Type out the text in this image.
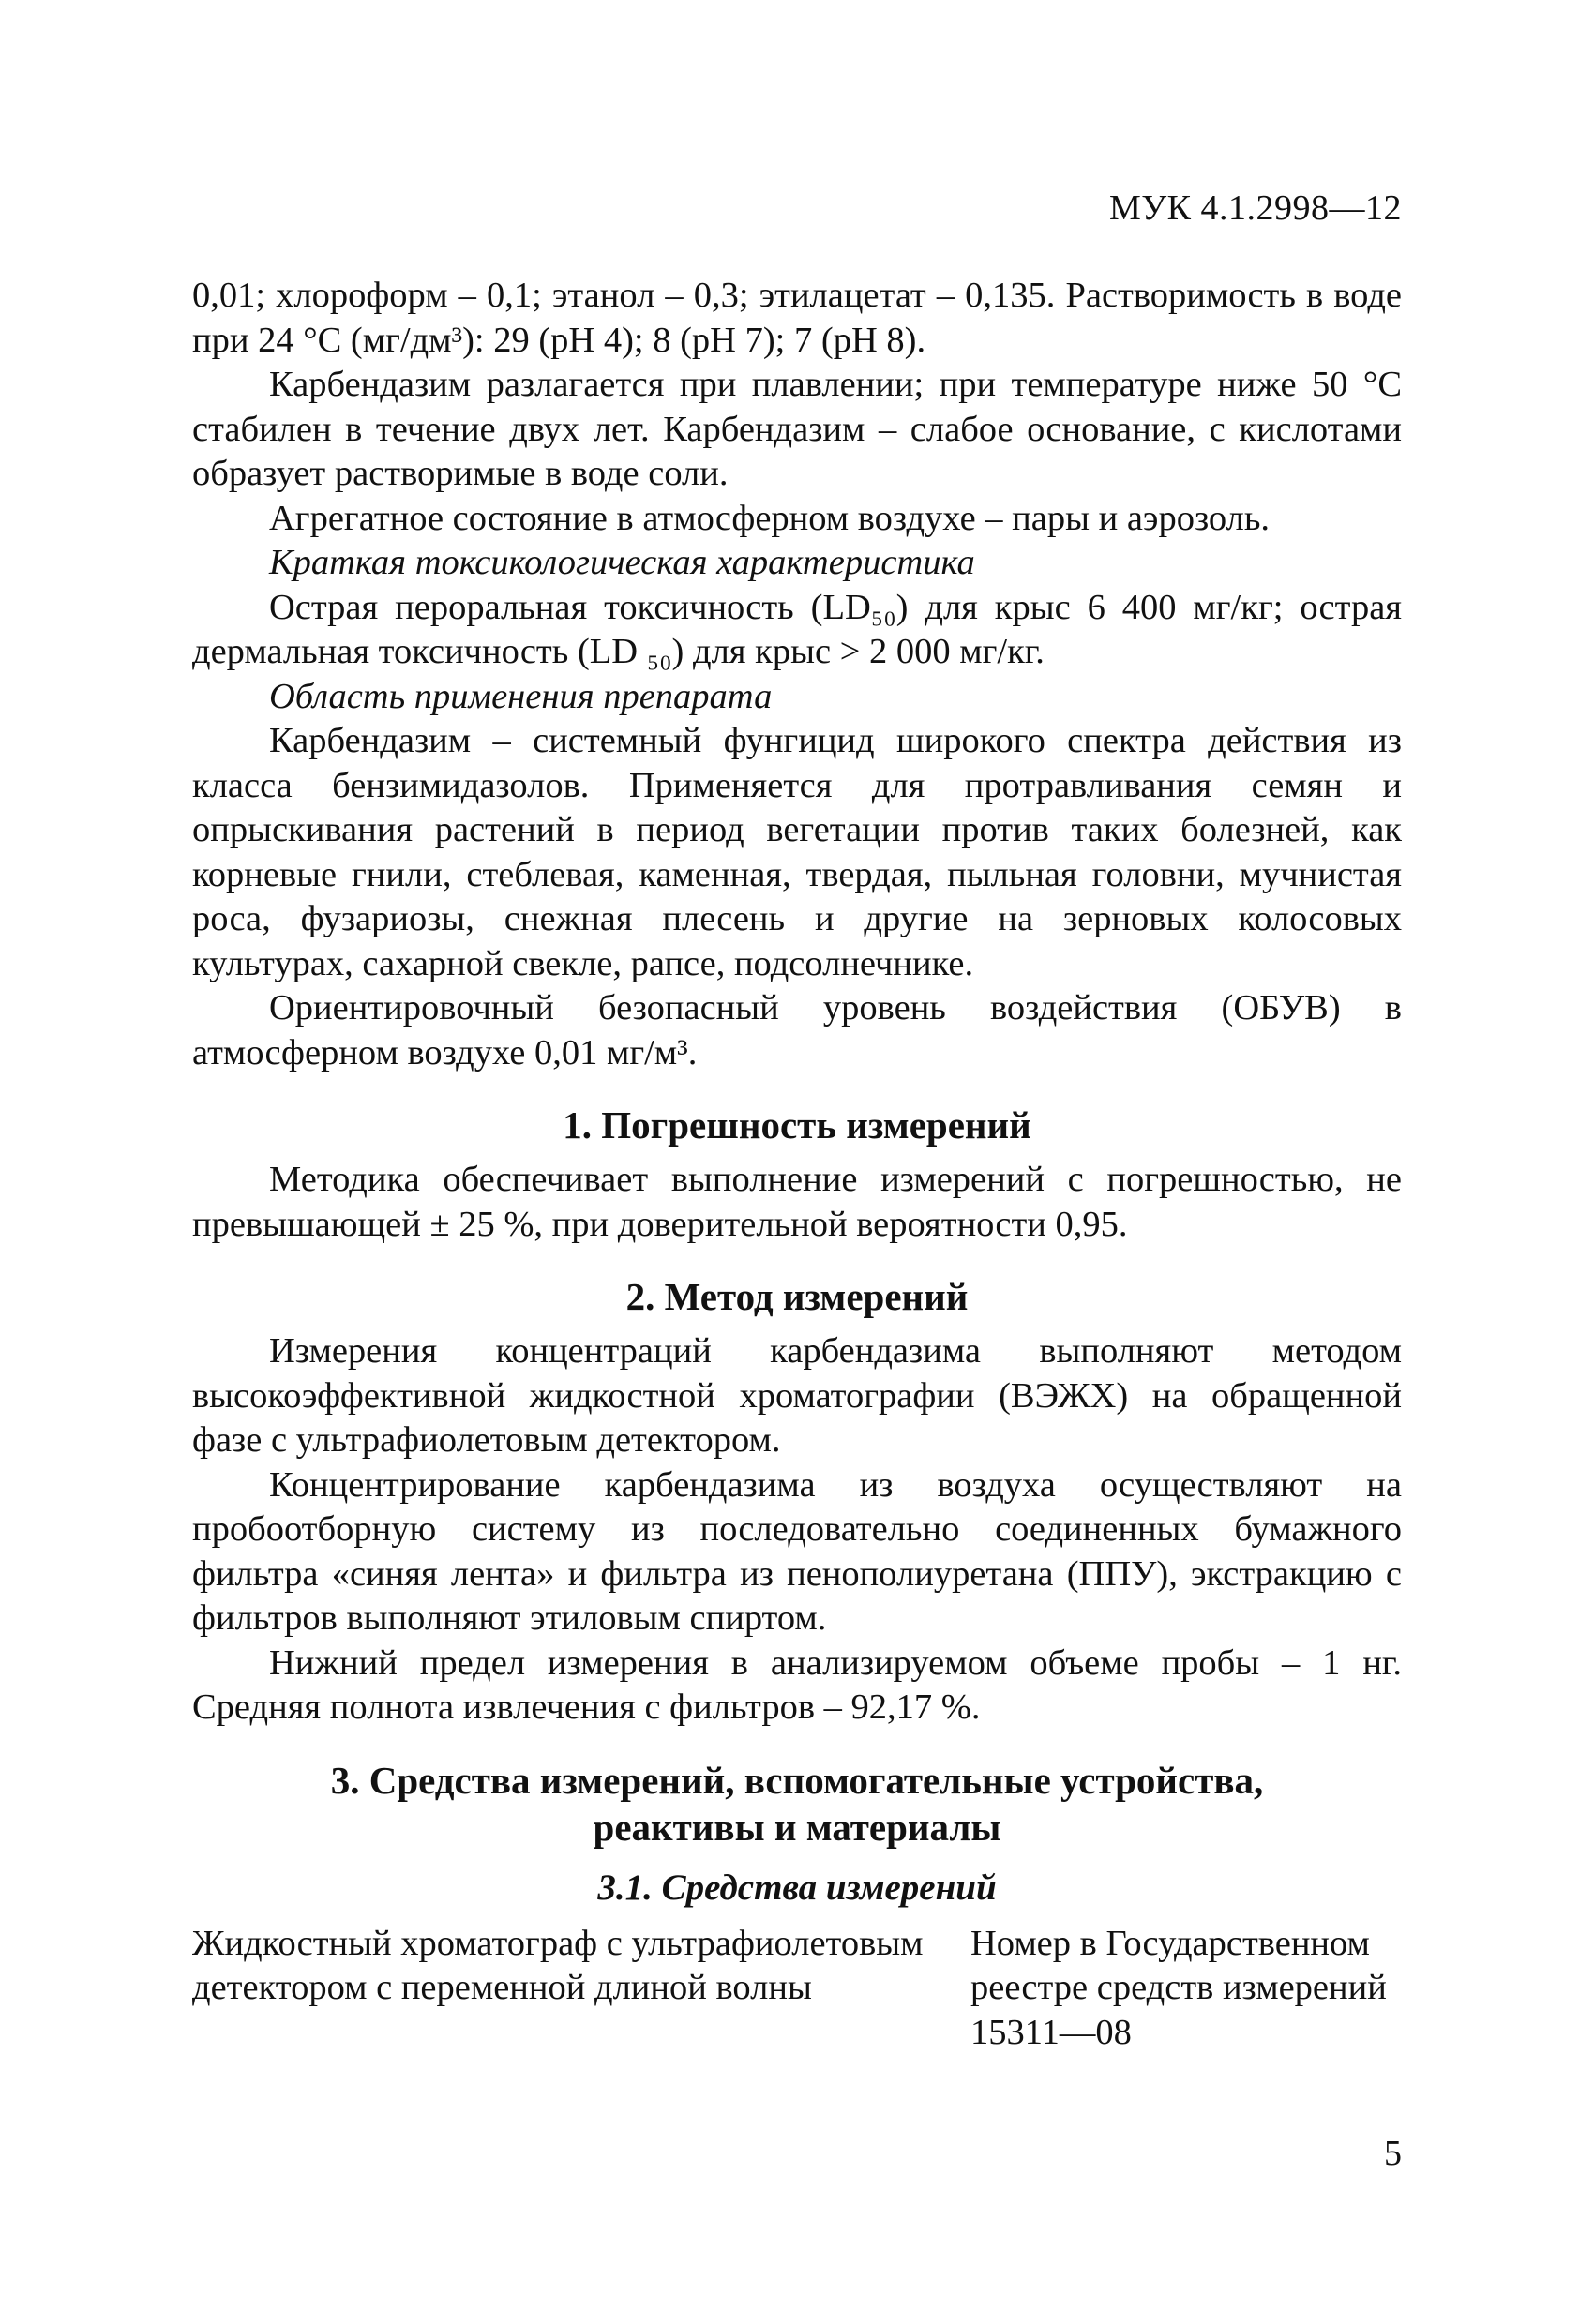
МУК 4.1.2998—12

0,01; хлороформ – 0,1; этанол – 0,3; этилацетат – 0,135. Растворимость в воде при 24 °С (мг/дм³): 29 (рН 4); 8 (рН 7); 7 (рН 8).

Карбендазим разлагается при плавлении; при температуре ниже 50 °С стабилен в течение двух лет. Карбендазим – слабое основание, с кислотами образует растворимые в воде соли.

Агрегатное состояние в атмосферном воздухе – пары и аэрозоль.

Краткая токсикологическая характеристика

Острая пероральная токсичность (LD₅₀) для крыс 6 400 мг/кг; острая дермальная токсичность (LD ₅₀) для крыс > 2 000 мг/кг.

Область применения препарата

Карбендазим – системный фунгицид широкого спектра действия из класса бензимидазолов. Применяется для протравливания семян и опрыскивания растений в период вегетации против таких болезней, как корневые гнили, стеблевая, каменная, твердая, пыльная головни, мучнистая роса, фузариозы, снежная плесень и другие на зерновых колосовых культурах, сахарной свекле, рапсе, подсолнечнике.

Ориентировочный безопасный уровень воздействия (ОБУВ) в атмосферном воздухе 0,01 мг/м³.

1. Погрешность измерений

Методика обеспечивает выполнение измерений с погрешностью, не превышающей ± 25 %, при доверительной вероятности 0,95.

2. Метод измерений

Измерения концентраций карбендазима выполняют методом высокоэффективной жидкостной хроматографии (ВЭЖХ) на обращенной фазе с ультрафиолетовым детектором.

Концентрирование карбендазима из воздуха осуществляют на пробоотборную систему из последовательно соединенных бумажного фильтра «синяя лента» и фильтра из пенополиуретана (ППУ), экстракцию с фильтров выполняют этиловым спиртом.

Нижний предел измерения в анализируемом объеме пробы – 1 нг. Средняя полнота извлечения с фильтров – 92,17 %.

3. Средства измерений, вспомогательные устройства,
реактивы и материалы
3.1. Средства измерений
Жидкостный хроматограф с ультрафиолетовым детектором с переменной длиной волны
Номер в Государственном
реестре средств измерений
15311—08
5
